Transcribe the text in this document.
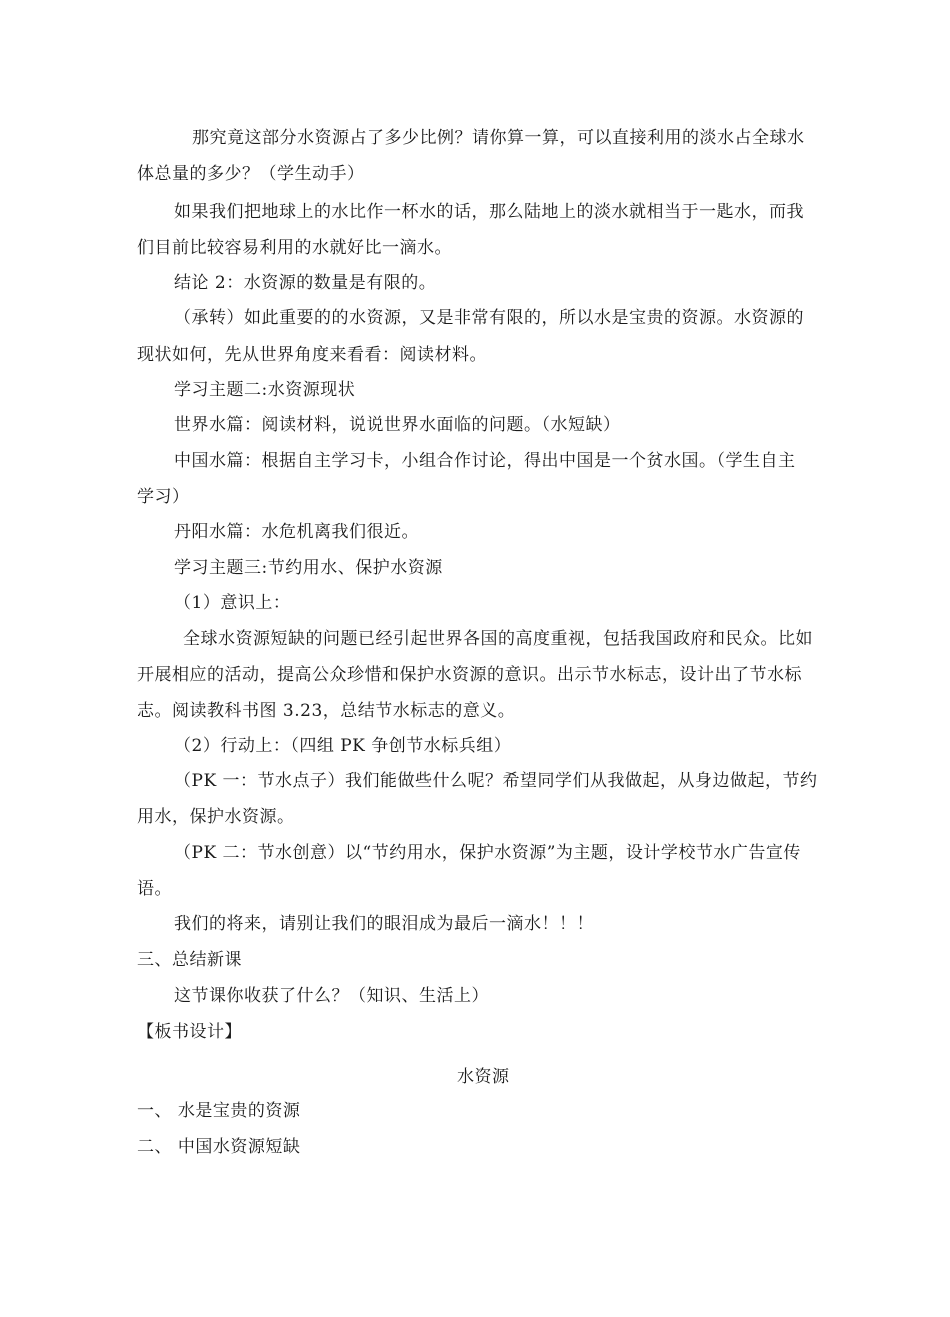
那究竟这部分水资源占了多少比例？请你算一算，可以直接利用的淡水占全球水
体总量的多少？（学生动手）
如果我们把地球上的水比作一杯水的话，那么陆地上的淡水就相当于一匙水，而我
们目前比较容易利用的水就好比一滴水。
结论 2：水资源的数量是有限的。
（承转）如此重要的的水资源，又是非常有限的，所以水是宝贵的资源。水资源的
现状如何，先从世界角度来看看：阅读材料。
学习主题二:水资源现状
世界水篇：阅读材料，说说世界水面临的问题。（水短缺）
中国水篇：根据自主学习卡，小组合作讨论，得出中国是一个贫水国。（学生自主
学习）
丹阳水篇：水危机离我们很近。
学习主题三:节约用水、保护水资源
（1）意识上：
全球水资源短缺的问题已经引起世界各国的高度重视，包括我国政府和民众。比如
开展相应的活动，提高公众珍惜和保护水资源的意识。出示节水标志，设计出了节水标
志。阅读教科书图 3.23，总结节水标志的意义。
（2）行动上：（四组 PK 争创节水标兵组）
（PK 一：节水点子）我们能做些什么呢？希望同学们从我做起，从身边做起，节约
用水，保护水资源。
（PK 二：节水创意）以“节约用水，保护水资源”为主题，设计学校节水广告宣传
语。
我们的将来，请别让我们的眼泪成为最后一滴水！！！
三、总结新课
这节课你收获了什么？（知识、生活上）
【板书设计】
水资源
一、 水是宝贵的资源
二、 中国水资源短缺
